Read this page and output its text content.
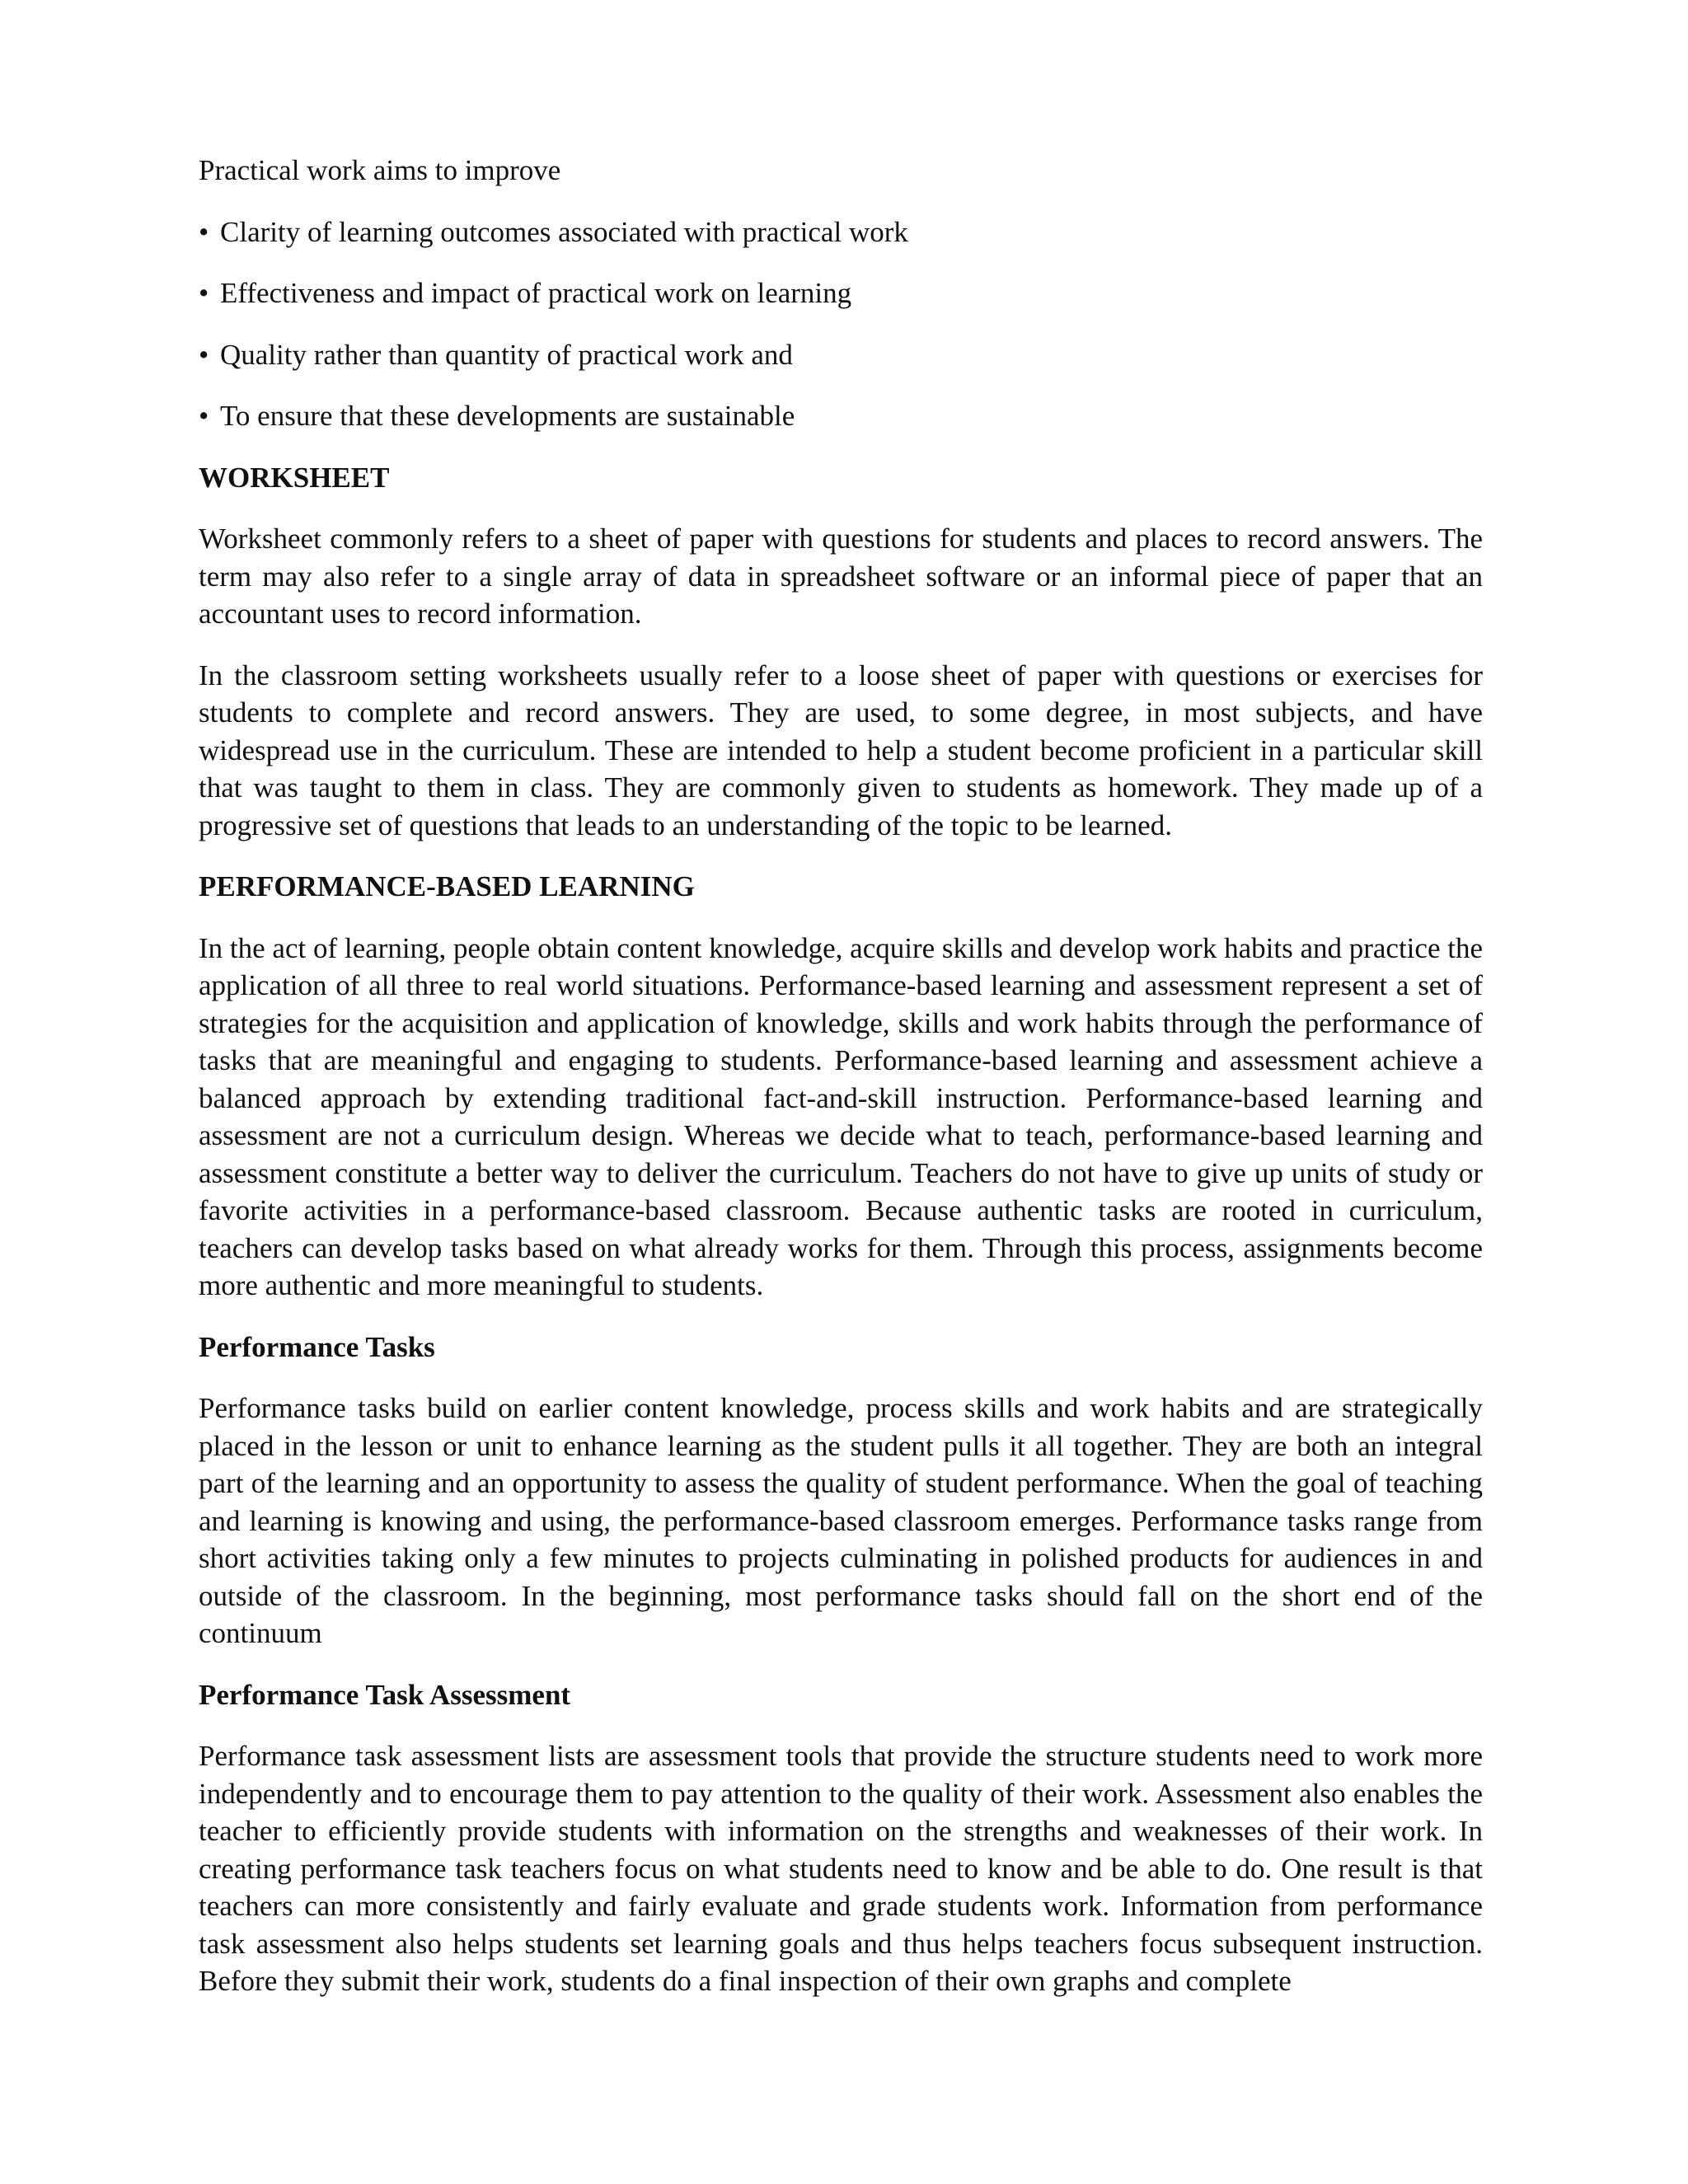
Practical work aims to improve

• Clarity of learning outcomes associated with practical work
• Effectiveness and impact of practical work on learning
• Quality rather than quantity of practical work and
• To ensure that these developments are sustainable
WORKSHEET

Worksheet commonly refers to a sheet of paper with questions for students and places to record answers. The term may also refer to a single array of data in spreadsheet software or an informal piece of paper that an accountant uses to record information.

In the classroom setting worksheets usually refer to a loose sheet of paper with questions or exercises for students to complete and record answers. They are used, to some degree, in most subjects, and have widespread use in the curriculum. These are intended to help a student become proficient in a particular skill that was taught to them in class. They are commonly given to students as homework. They made up of a progressive set of questions that leads to an understanding of the topic to be learned.

PERFORMANCE-BASED LEARNING

In the act of learning, people obtain content knowledge, acquire skills and develop work habits and practice the application of all three to real world situations. Performance-based learning and assessment represent a set of strategies for the acquisition and application of knowledge, skills and work habits through the performance of tasks that are meaningful and engaging to students. Performance-based learning and assessment achieve a balanced approach by extending traditional fact-and-skill instruction. Performance-based learning and assessment are not a curriculum design. Whereas we decide what to teach, performance-based learning and assessment constitute a better way to deliver the curriculum. Teachers do not have to give up units of study or favorite activities in a performance-based classroom. Because authentic tasks are rooted in curriculum, teachers can develop tasks based on what already works for them. Through this process, assignments become more authentic and more meaningful to students.

Performance Tasks

Performance tasks build on earlier content knowledge, process skills and work habits and are strategically placed in the lesson or unit to enhance learning as the student pulls it all together. They are both an integral part of the learning and an opportunity to assess the quality of student performance. When the goal of teaching and learning is knowing and using, the performance-based classroom emerges. Performance tasks range from short activities taking only a few minutes to projects culminating in polished products for audiences in and outside of the classroom. In the beginning, most performance tasks should fall on the short end of the continuum

Performance Task Assessment

Performance task assessment lists are assessment tools that provide the structure students need to work more independently and to encourage them to pay attention to the quality of their work. Assessment also enables the teacher to efficiently provide students with information on the strengths and weaknesses of their work. In creating performance task teachers focus on what students need to know and be able to do. One result is that teachers can more consistently and fairly evaluate and grade students work. Information from performance task assessment also helps students set learning goals and thus helps teachers focus subsequent instruction. Before they submit their work, students do a final inspection of their own graphs and complete
